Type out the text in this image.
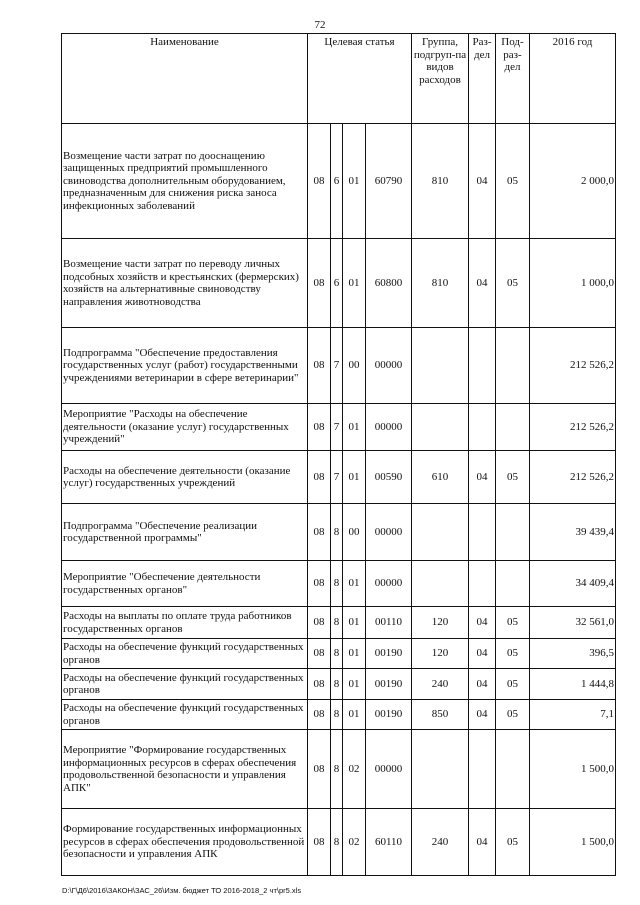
72
Наименование	Целевая статья				Группа, подгруп-па видов расходов	Раз-дел	Под-раз-дел	2016 год
Возмещение части затрат по дооснащению защищенных предприятий промышленного свиноводства дополнительным оборудованием, предназначенным для снижения риска заноса инфекционных заболеваний	08	6	01	60790	810	04	05	2 000,0
Возмещение части затрат по переводу личных подсобных хозяйств и крестьянских (фермерских) хозяйств на альтернативные свиноводству направления животноводства	08	6	01	60800	810	04	05	1 000,0
Подпрограмма "Обеспечение предоставления государственных услуг (работ) государственными учреждениями ветеринарии в сфере ветеринарии"	08	7	00	00000				212 526,2
Мероприятие "Расходы на обеспечение деятельности (оказание услуг) государственных учреждений"	08	7	01	00000				212 526,2
Расходы на обеспечение деятельности (оказание услуг) государственных учреждений	08	7	01	00590	610	04	05	212 526,2
Подпрограмма "Обеспечение реализации государственной программы"	08	8	00	00000				39 439,4
Мероприятие "Обеспечение деятельности государственных органов"	08	8	01	00000				34 409,4
Расходы на выплаты по оплате труда работников государственных органов	08	8	01	00110	120	04	05	32 561,0
Расходы на обеспечение функций государственных органов	08	8	01	00190	120	04	05	396,5
Расходы на обеспечение функций государственных органов	08	8	01	00190	240	04	05	1 444,8
Расходы на обеспечение функций государственных органов	08	8	01	00190	850	04	05	7,1
Мероприятие "Формирование государственных информационных ресурсов в сферах обеспечения продовольственной безопасности и управления АПК"	08	8	02	00000				1 500,0
Формирование государственных информационных ресурсов в сферах обеспечения продовольственной безопасности и управления АПК	08	8	02	60110	240	04	05	1 500,0
D:\Г\Д6\2016\ЗАКОН\ЗАС_26\Изм. бюджет ТО 2016-2018_2 чт\pr5.xls
